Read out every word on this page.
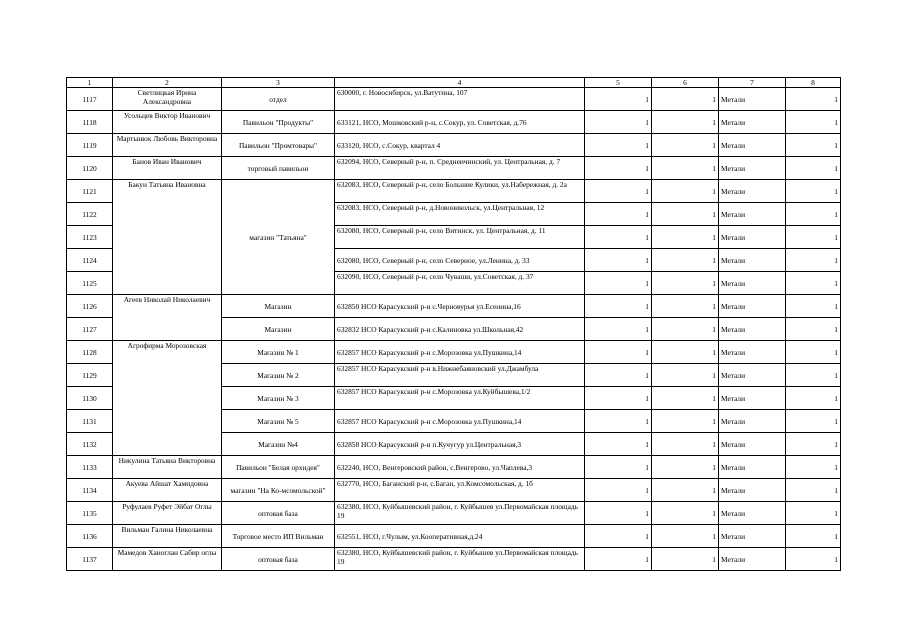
1	2	3	4	5	6	7	8
1117	Светлицкая Ирина Александровна	отдел	630000, г. Новосибирск, ул.Ватутина, 107	1	1	Метали	1
1118	Усольцев Виктор Иванович	Павильон "Продукты"	633121, НСО, Мошковский р-н, с.Сокур, ул. Советская, д.76	1	1	Метали	1
1119	Мартынюк Любовь Викторовна	Павильон "Промтовары"	633120, НСО, с.Сокур, квартал 4	1	1	Метали	1
1120	Банов Иван Иванович	торговый павильон	632094, НСО, Северный р-н, п. Среднеичинский, ул. Центральная, д. 7	1	1	Метали	1
1121	Бакун Татьяна Ивановна	магазин "Татьяна"	632083, НСО, Северный р-н, село Большие Кулики, ул.Набережная, д. 2а	1	1	Метали	1
1122			632083, НСО, Северный р-н, д.Новоникольск, ул.Центральная, 12	1	1	Метали	1
1123			632080, НСО, Северный р-н, село Витинск, ул. Центральная, д. 11	1	1	Метали	1
1124			632080, НСО, Северный р-н, село Северное, ул.Ленина, д. 33	1	1	Метали	1
1125			632090, НСО, Северный р-н, село Чуваши, ул.Советская, д. 37	1	1	Метали	1
1126	Агеев Николай Николаевич	Магазин	632850 НСО Карасукский р-н с.Черновурья ул.Есенина,16	1	1	Метали	1
1127		Магазин	632832 НСО Карасукский р-н с.Калиновка ул.Школьная,42	1	1	Метали	1
1128	Агрофирма Морозовская	Магазин № 1	632857 НСО Карасукский р-н с.Морозовка ул.Пушкина,14	1	1	Метали	1
1129		Магазин № 2	632857 НСО Карасукский р-н в.Нижнебаяновский ул.Джамбула	1	1	Метали	1
1130		Магазин № 3	632857 НСО Карасукский р-н с.Морозовка ул.Куйбышева,1/2	1	1	Метали	1
1131		Магазин № 5	632857 НСО Карасукский р-н с.Морозовка ул.Пушкина,14	1	1	Метали	1
1132		Магазин №4	632858 НСО Карасукский р-н п.Кучугур ул.Центральная,3	1	1	Метали	1
1133	Никулина Татьяна Викторовна	Павильон "Белая орхидея"	632240, НСО, Венгеровский район, с.Венгерово, ул.Чаплева,3	1	1	Метали	1
1134	Акуева Айшат Хамидовна	магазин "На Ко-мсомольской"	632770, НСО, Баганский р-н, с.Баган, ул.Комсомольская, д. 1б	1	1	Метали	1
1135	Руфулаев Руфет Эйбат Оглы	оптовая база	632380, НСО, Куйбышевский район, г. Куйбышев ул.Первомайская площадь 19	1	1	Метали	1
1136	Вильман Галина Николаевна	Торговое место ИП Вильман	632551, НСО, г.Чулым, ул.Кооперативная,д.24	1	1	Метали	1
1137	Мамедов Хаиоглан Сабир оглы	оптовая база	632380, НСО, Куйбышевский район, г. Куйбышев ул.Первомайская площадь 19	1	1	Метали	1
